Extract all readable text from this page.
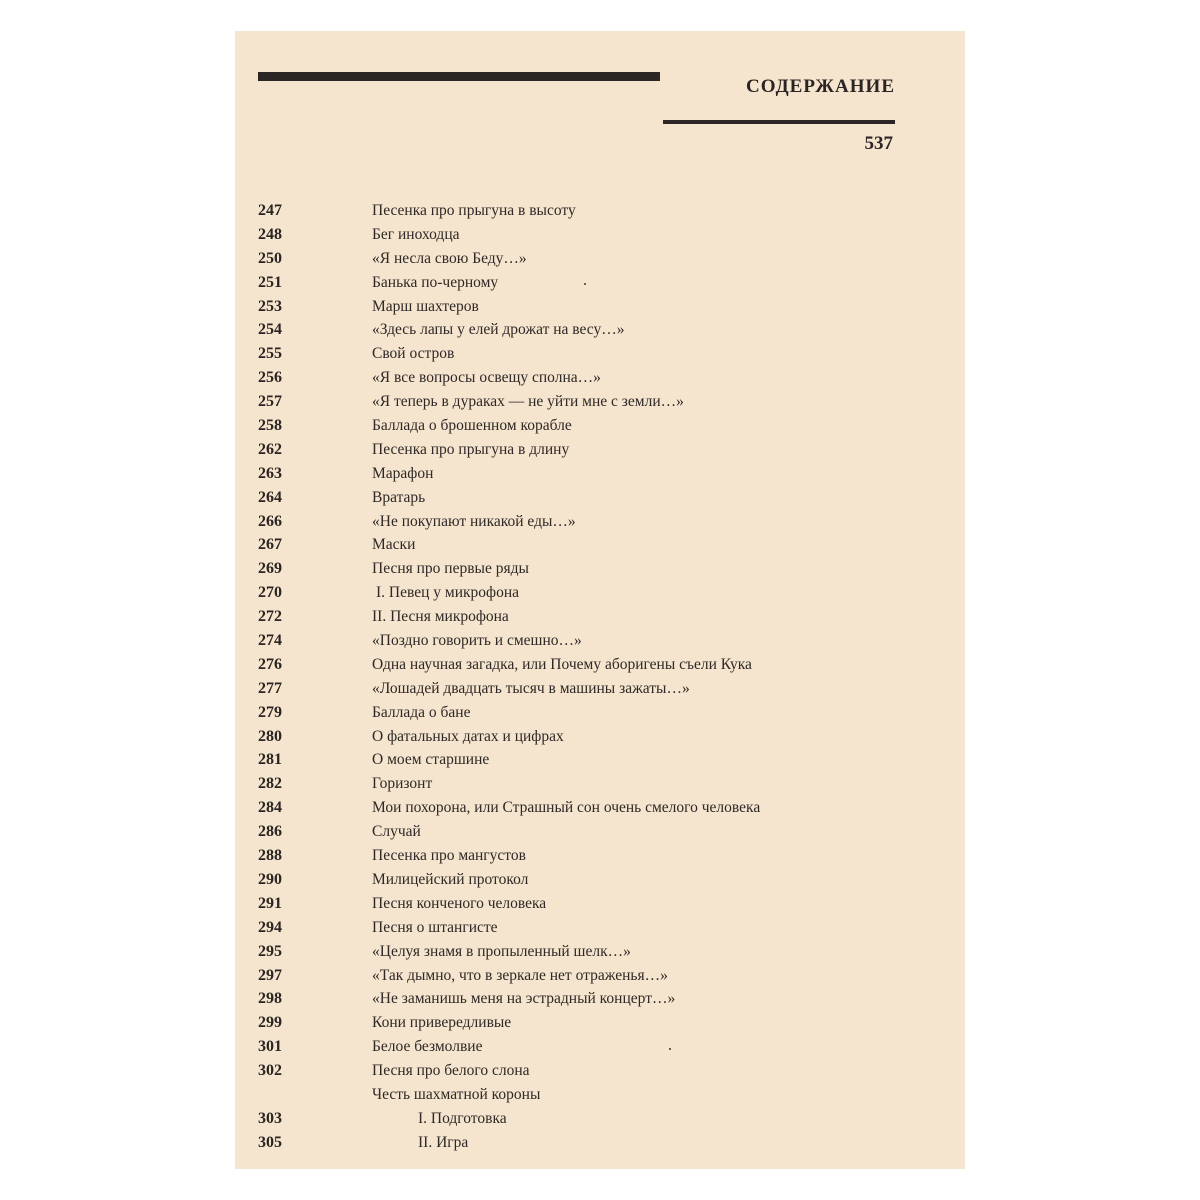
СОДЕРЖАНИЕ
537
247	Песенка про прыгуна в высоту
248	Бег иноходца
250	«Я несла свою Беду…»
251	Банька по-черному
253	Марш шахтеров
254	«Здесь лапы у елей дрожат на весу…»
255	Свой остров
256	«Я все вопросы освещу сполна…»
257	«Я теперь в дураках — не уйти мне с земли…»
258	Баллада о брошенном корабле
262	Песенка про прыгуна в длину
263	Марафон
264	Вратарь
266	«Не покупают никакой еды…»
267	Маски
269	Песня про первые ряды
270	I. Певец у микрофона
272	II. Песня микрофона
274	«Поздно говорить и смешно…»
276	Одна научная загадка, или Почему аборигены съели Кука
277	«Лошадей двадцать тысяч в машины зажаты…»
279	Баллада о бане
280	О фатальных датах и цифрах
281	О моем старшине
282	Горизонт
284	Мои похорона, или Страшный сон очень смелого человека
286	Случай
288	Песенка про мангустов
290	Милицейский протокол
291	Песня конченого человека
294	Песня о штангисте
295	«Целуя знамя в пропыленный шелк…»
297	«Так дымно, что в зеркале нет отраженья…»
298	«Не заманишь меня на эстрадный концерт…»
299	Кони привередливые
301	Белое безмолвие
302	Песня про белого слона
Честь шахматной короны
303	I. Подготовка
305	II. Игра
